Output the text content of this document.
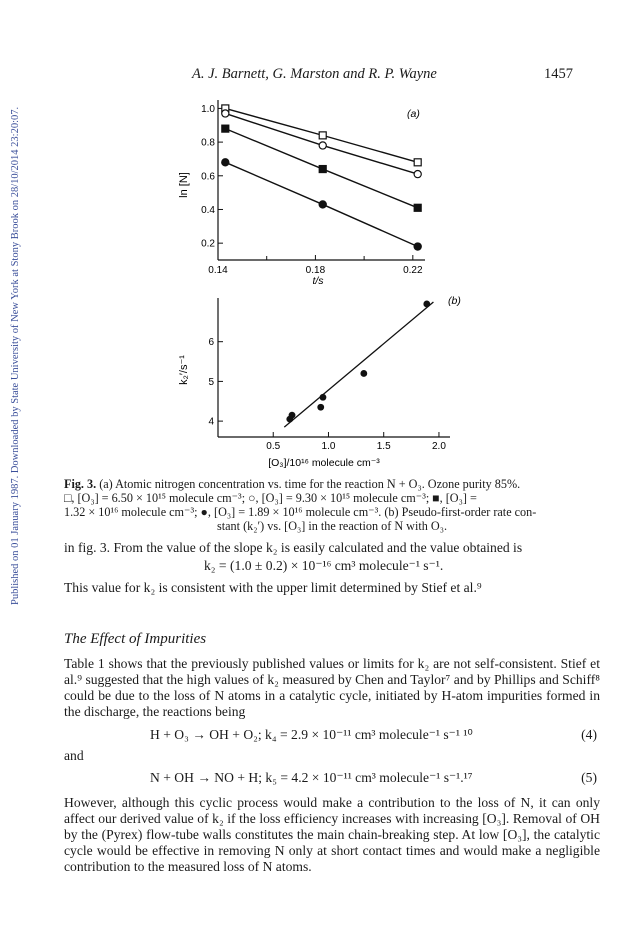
Published on 01 January 1987. Downloaded by State University of New York at Stony Brook on 28/10/2014 23:20:07.
A. J. Barnett, G. Marston and R. P. Wayne	1457
0.2
0.4
0.6
0.8
1.0
0.14	0.18	0.22
4
5
6
0.5	1.0	1.5	2.0
ln [N]
t/s
(a)
k₂′/s⁻¹
[O₃]/10¹⁶ molecule cm⁻³
(b)
Fig. 3. (a) Atomic nitrogen concentration vs. time for the reaction N + O₃. Ozone purity 85%.
□, [O₃] = 6.50 × 10¹⁵ molecule cm⁻³; ○, [O₃] = 9.30 × 10¹⁵ molecule cm⁻³; ■, [O₃] =
1.32 × 10¹⁶ molecule cm⁻³; ●, [O₃] = 1.89 × 10¹⁶ molecule cm⁻³. (b) Pseudo-first-order rate con-
stant (k₂′) vs. [O₃] in the reaction of N with O₃.
in fig. 3. From the value of the slope k₂ is easily calculated and the value obtained is
k₂ = (1.0 ± 0.2) × 10⁻¹⁶ cm³ molecule⁻¹ s⁻¹.
This value for k₂ is consistent with the upper limit determined by Stief et al.⁹
The Effect of Impurities
Table 1 shows that the previously published values or limits for k₂ are not self-consistent. Stief et al.⁹ suggested that the high values of k₂ measured by Chen and Taylor⁷ and by Phillips and Schiff⁸ could be due to the loss of N atoms in a catalytic cycle, initiated by H-atom impurities formed in the discharge, the reactions being
H + O₃ → OH + O₂; k₄ = 2.9 × 10⁻¹¹ cm³ molecule⁻¹ s⁻¹ ¹⁰	(4)
and
N + OH → NO + H; k₅ = 4.2 × 10⁻¹¹ cm³ molecule⁻¹ s⁻¹.¹⁷	(5)
However, although this cyclic process would make a contribution to the loss of N, it can only affect our derived value of k₂ if the loss efficiency increases with increasing [O₃]. Removal of OH by the (Pyrex) flow-tube walls constitutes the main chain-breaking step. At low [O₃], the catalytic cycle would be effective in removing N only at short contact times and would make a negligible contribution to the measured loss of N atoms.
